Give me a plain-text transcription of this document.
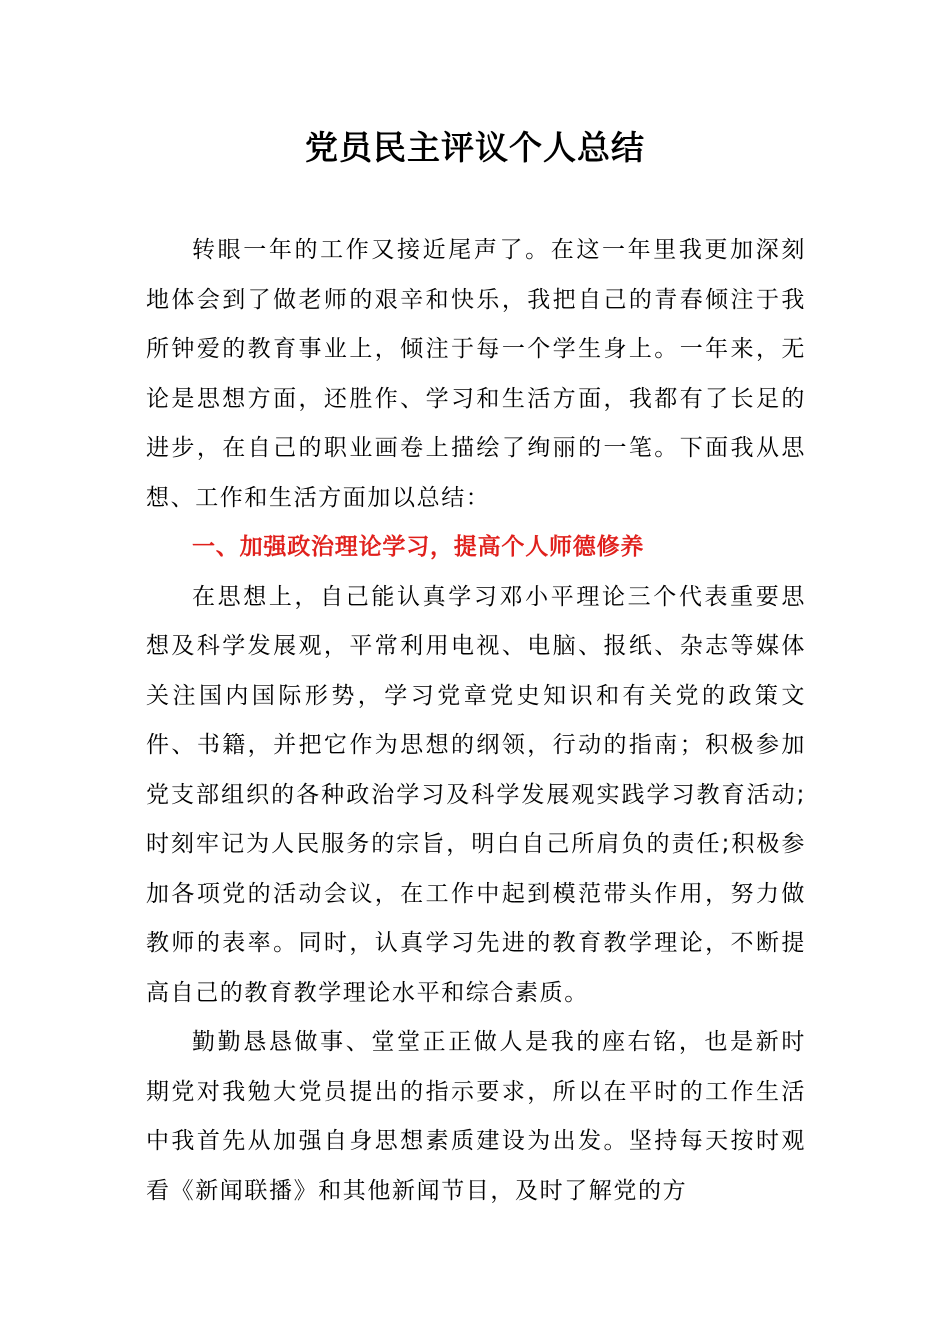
党员民主评议个人总结

转眼一年的工作又接近尾声了。在这一年里我更加深刻地体会到了做老师的艰辛和快乐，我把自己的青春倾注于我所钟爱的教育事业上，倾注于每一个学生身上。一年来，无论是思想方面，还胜作、学习和生活方面，我都有了长足的进步，在自己的职业画卷上描绘了绚丽的一笔。下面我从思想、工作和生活方面加以总结：

一、加强政治理论学习，提高个人师德修养

在思想上，自己能认真学习邓小平理论三个代表重要思想及科学发展观，平常利用电视、电脑、报纸、杂志等媒体关注国内国际形势，学习党章党史知识和有关党的政策文件、书籍，并把它作为思想的纲领，行动的指南；积极参加党支部组织的各种政治学习及科学发展观实践学习教育活动;时刻牢记为人民服务的宗旨，明白自己所肩负的责任;积极参加各项党的活动会议，在工作中起到模范带头作用，努力做教师的表率。同时，认真学习先进的教育教学理论，不断提高自己的教育教学理论水平和综合素质。

勤勤恳恳做事、堂堂正正做人是我的座右铭，也是新时期党对我勉大党员提出的指示要求，所以在平时的工作生活中我首先从加强自身思想素质建设为出发。坚持每天按时观看《新闻联播》和其他新闻节目，及时了解党的方
